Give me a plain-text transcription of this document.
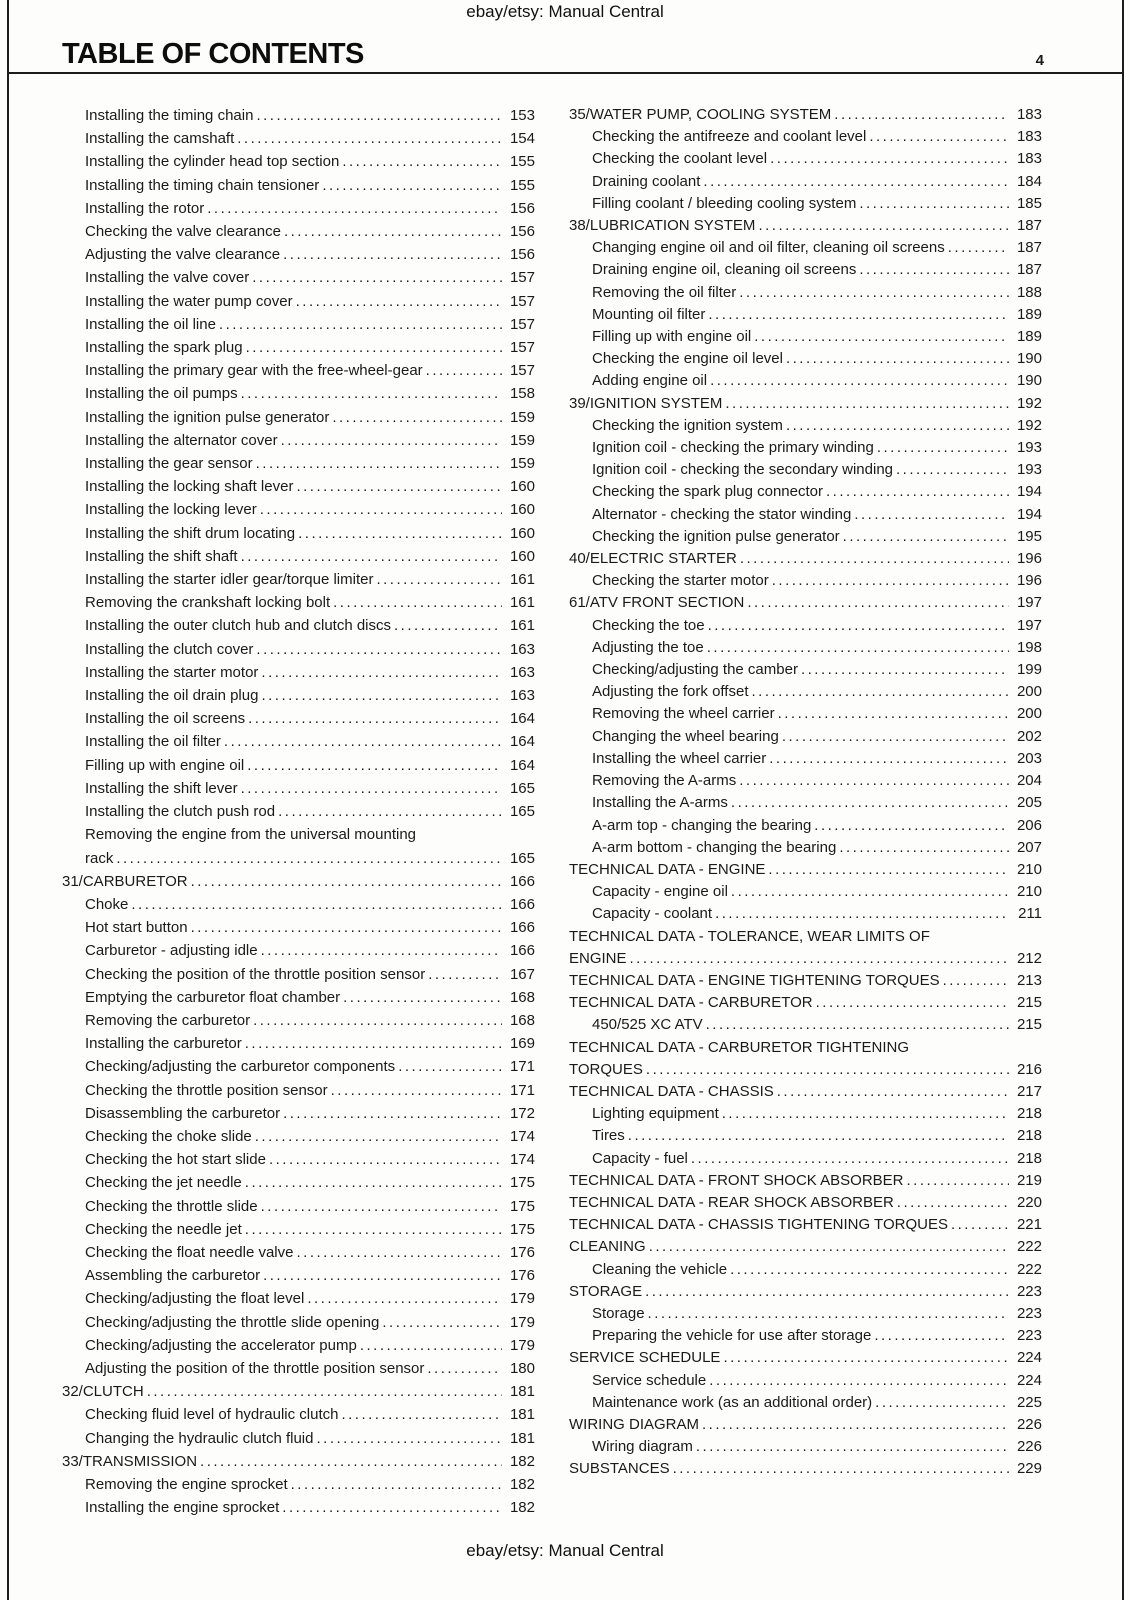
ebay/etsy: Manual Central
TABLE OF CONTENTS	4
Installing the timing chain .....	153
Installing the camshaft .....	154
Installing the cylinder head top section .....	155
Installing the timing chain tensioner .....	155
Installing the rotor .....	156
Checking the valve clearance .....	156
Adjusting the valve clearance .....	156
Installing the valve cover .....	157
Installing the water pump cover .....	157
Installing the oil line .....	157
Installing the spark plug .....	157
Installing the primary gear with the free-wheel-gear .....	157
Installing the oil pumps .....	158
Installing the ignition pulse generator .....	159
Installing the alternator cover .....	159
Installing the gear sensor .....	159
Installing the locking shaft lever .....	160
Installing the locking lever .....	160
Installing the shift drum locating .....	160
Installing the shift shaft .....	160
Installing the starter idler gear/torque limiter .....	161
Removing the crankshaft locking bolt .....	161
Installing the outer clutch hub and clutch discs .....	161
Installing the clutch cover .....	163
Installing the starter motor .....	163
Installing the oil drain plug .....	163
Installing the oil screens .....	164
Installing the oil filter .....	164
Filling up with engine oil .....	164
Installing the shift lever .....	165
Installing the clutch push rod .....	165
Removing the engine from the universal mounting
rack .....	165
31/CARBURETOR .....	166
Choke .....	166
Hot start button .....	166
Carburetor - adjusting idle .....	166
Checking the position of the throttle position sensor .....	167
Emptying the carburetor float chamber .....	168
Removing the carburetor .....	168
Installing the carburetor .....	169
Checking/adjusting the carburetor components .....	171
Checking the throttle position sensor .....	171
Disassembling the carburetor .....	172
Checking the choke slide .....	174
Checking the hot start slide .....	174
Checking the jet needle .....	175
Checking the throttle slide .....	175
Checking the needle jet .....	175
Checking the float needle valve .....	176
Assembling the carburetor .....	176
Checking/adjusting the float level .....	179
Checking/adjusting the throttle slide opening .....	179
Checking/adjusting the accelerator pump .....	179
Adjusting the position of the throttle position sensor .....	180
32/CLUTCH .....	181
Checking fluid level of hydraulic clutch .....	181
Changing the hydraulic clutch fluid .....	181
33/TRANSMISSION .....	182
Removing the engine sprocket .....	182
Installing the engine sprocket .....	182
35/WATER PUMP, COOLING SYSTEM .....	183
Checking the antifreeze and coolant level .....	183
Checking the coolant level .....	183
Draining coolant .....	184
Filling coolant / bleeding cooling system .....	185
38/LUBRICATION SYSTEM .....	187
Changing engine oil and oil filter, cleaning oil screens .....	187
Draining engine oil, cleaning oil screens .....	187
Removing the oil filter .....	188
Mounting oil filter .....	189
Filling up with engine oil .....	189
Checking the engine oil level .....	190
Adding engine oil .....	190
39/IGNITION SYSTEM .....	192
Checking the ignition system .....	192
Ignition coil - checking the primary winding .....	193
Ignition coil - checking the secondary winding .....	193
Checking the spark plug connector .....	194
Alternator - checking the stator winding .....	194
Checking the ignition pulse generator .....	195
40/ELECTRIC STARTER .....	196
Checking the starter motor .....	196
61/ATV FRONT SECTION .....	197
Checking the toe .....	197
Adjusting the toe .....	198
Checking/adjusting the camber .....	199
Adjusting the fork offset .....	200
Removing the wheel carrier .....	200
Changing the wheel bearing .....	202
Installing the wheel carrier .....	203
Removing the A-arms .....	204
Installing the A-arms .....	205
A-arm top - changing the bearing .....	206
A-arm bottom - changing the bearing .....	207
TECHNICAL DATA - ENGINE .....	210
Capacity - engine oil .....	210
Capacity - coolant .....	211
TECHNICAL DATA - TOLERANCE, WEAR LIMITS OF
ENGINE .....	212
TECHNICAL DATA - ENGINE TIGHTENING TORQUES .....	213
TECHNICAL DATA - CARBURETOR .....	215
450/525 XC ATV .....	215
TECHNICAL DATA - CARBURETOR TIGHTENING
TORQUES .....	216
TECHNICAL DATA - CHASSIS .....	217
Lighting equipment .....	218
Tires .....	218
Capacity - fuel .....	218
TECHNICAL DATA - FRONT SHOCK ABSORBER .....	219
TECHNICAL DATA - REAR SHOCK ABSORBER .....	220
TECHNICAL DATA - CHASSIS TIGHTENING TORQUES .....	221
CLEANING .....	222
Cleaning the vehicle .....	222
STORAGE .....	223
Storage .....	223
Preparing the vehicle for use after storage .....	223
SERVICE SCHEDULE .....	224
Service schedule .....	224
Maintenance work (as an additional order) .....	225
WIRING DIAGRAM .....	226
Wiring diagram .....	226
SUBSTANCES .....	229
ebay/etsy: Manual Central
